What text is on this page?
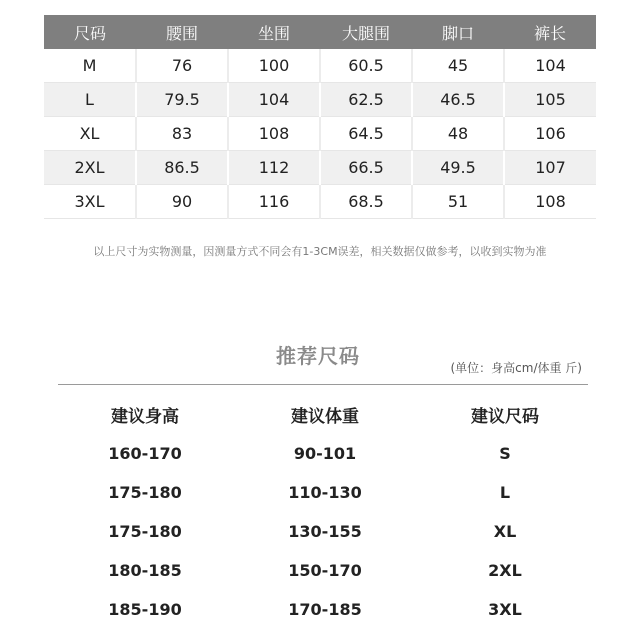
尺码	腰围	坐围	大腿围	脚口	裤长
M	76	100	60.5	45	104
L	79.5	104	62.5	46.5	105
XL	83	108	64.5	48	106
2XL	86.5	112	66.5	49.5	107
3XL	90	116	68.5	51	108
以上尺寸为实物测量，因测量方式不同会有1-3CM误差，相关数据仅做参考，以收到实物为准
推荐尺码	(单位：身高cm/体重 斤)
建议身高	建议体重	建议尺码
160-170	90-101	S
175-180	110-130	L
175-180	130-155	XL
180-185	150-170	2XL
185-190	170-185	3XL
